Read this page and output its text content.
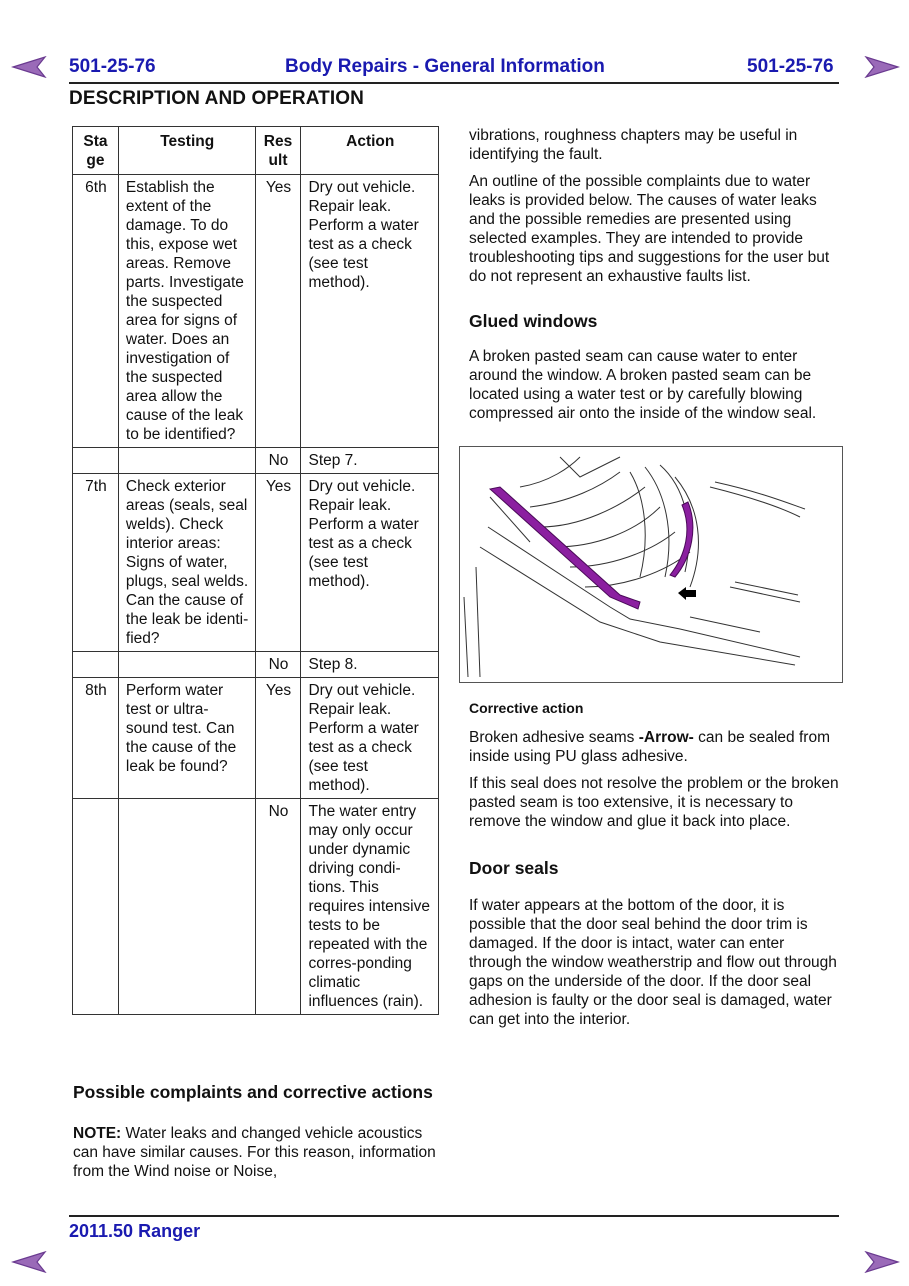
501-25-76	Body Repairs - General Information	501-25-76
DESCRIPTION AND OPERATION
Sta ge	Testing	Res ult	Action
6th	Establish the extent of the damage. To do this, expose wet areas. Remove parts. Investigate the suspected area for signs of water. Does an investigation of the suspected area allow the cause of the leak to be identified?	Yes	Dry out vehicle. Repair leak. Perform a water test as a check (see test method).
		No	Step 7.
7th	Check exterior areas (seals, seal welds). Check interior areas: Signs of water, plugs, seal welds. Can the cause of the leak be identi-fied?	Yes	Dry out vehicle. Repair leak. Perform a water test as a check (see test method).
		No	Step 8.
8th	Perform water test or ultra-sound test. Can the cause of the leak be found?	Yes	Dry out vehicle. Repair leak. Perform a water test as a check (see test method).
		No	The water entry may only occur under dynamic driving condi-tions. This requires intensive tests to be repeated with the corres-ponding climatic influences (rain).
Possible complaints and corrective actions
NOTE: Water leaks and changed vehicle acoustics can have similar causes. For this reason, information from the Wind noise or Noise,

vibrations, roughness chapters may be useful in identifying the fault.

An outline of the possible complaints due to water leaks is provided below. The causes of water leaks and the possible remedies are presented using selected examples. They are intended to provide troubleshooting tips and suggestions for the user but do not represent an exhaustive faults list.

Glued windows

A broken pasted seam can cause water to enter around the window. A broken pasted seam can be located using a water test or by carefully blowing compressed air onto the inside of the window seal.

Corrective action

Broken adhesive seams -Arrow- can be sealed from inside using PU glass adhesive.

If this seal does not resolve the problem or the broken pasted seam is too extensive, it is necessary to remove the window and glue it back into place.

Door seals

If water appears at the bottom of the door, it is possible that the door seal behind the door trim is damaged. If the door is intact, water can enter through the window weatherstrip and flow out through gaps on the underside of the door. If the door seal adhesion is faulty or the door seal is damaged, water can get into the interior.

2011.50 Ranger
